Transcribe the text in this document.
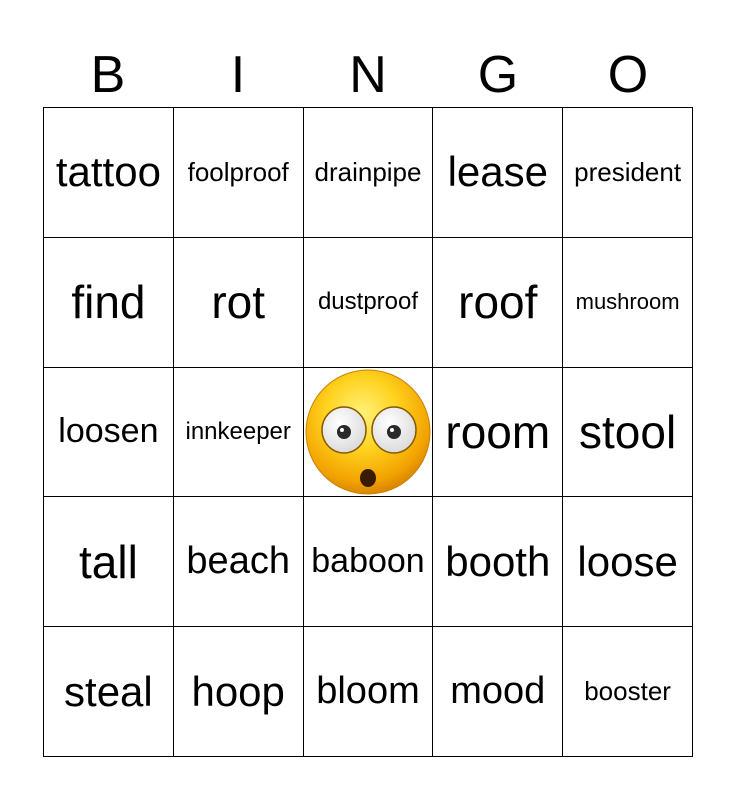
B	I	N	G	O
tattoo foolproof drainpipe lease president
find rot dustproof roof mushroom
loosen innkeeper	room stool
tall beach baboon booth loose
steal hoop bloom mood booster
